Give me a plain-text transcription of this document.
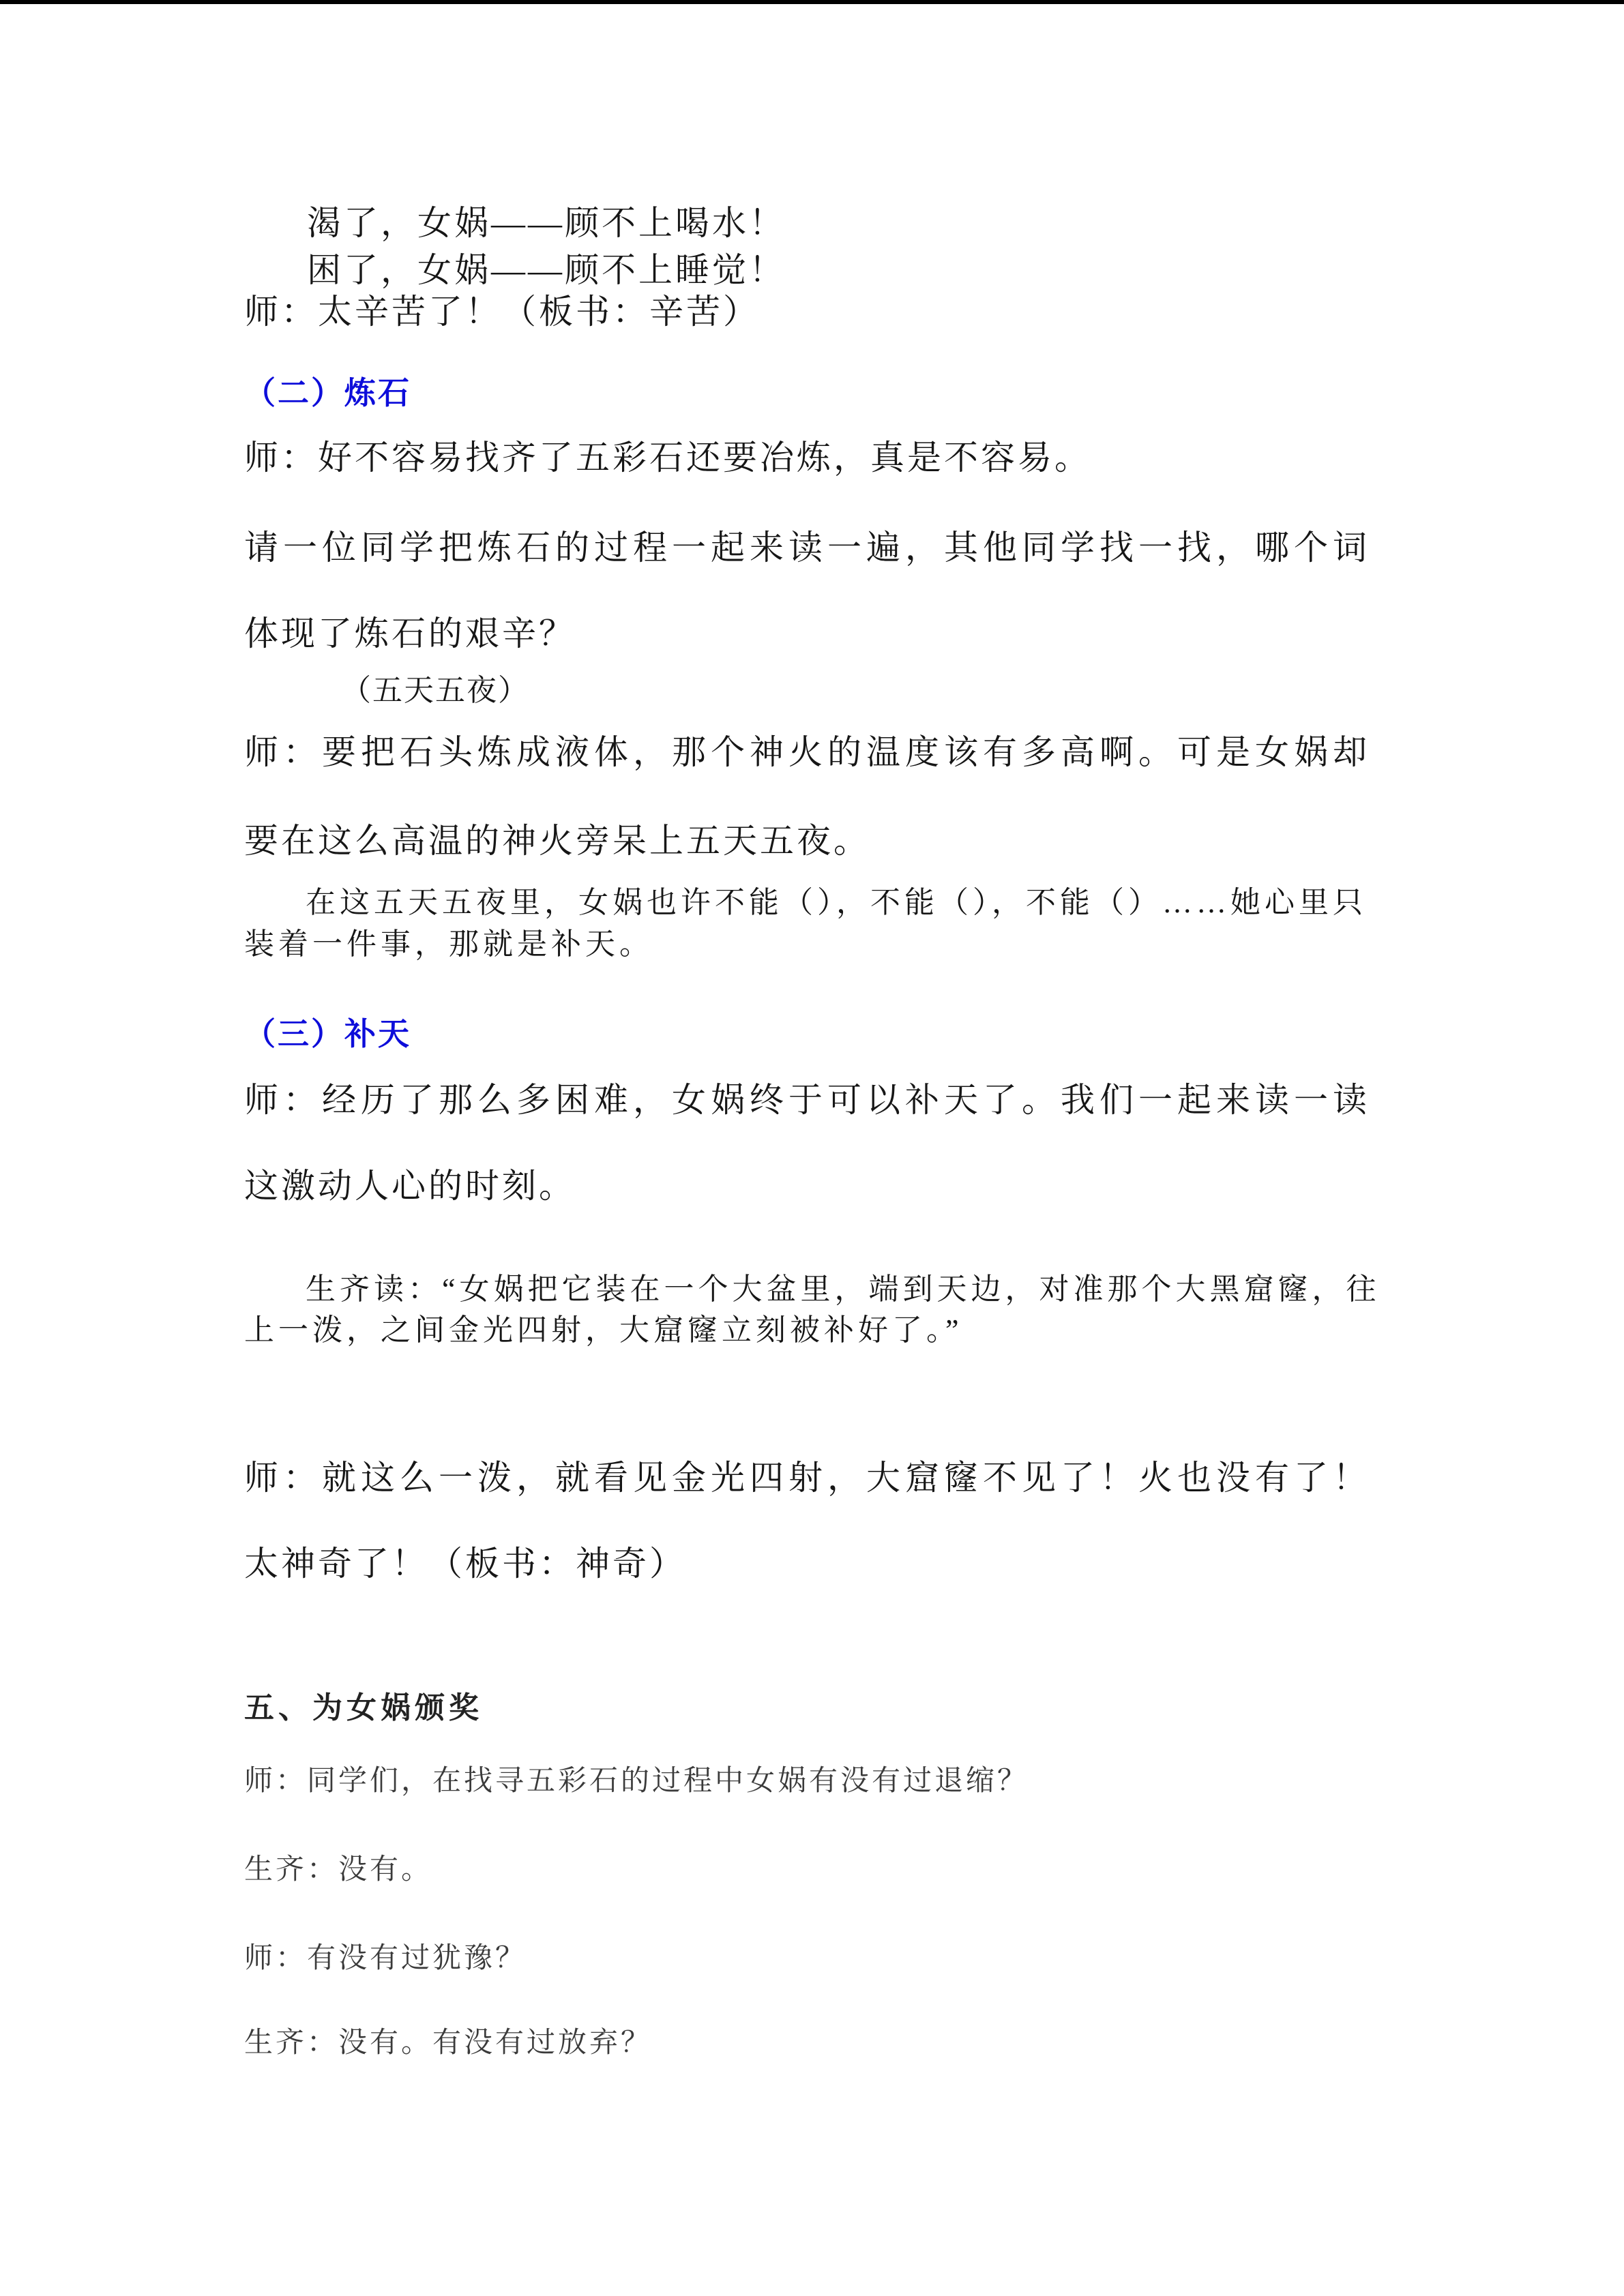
渴了，女娲——顾不上喝水！
困了，女娲——顾不上睡觉！
师：太辛苦了！（板书：辛苦）
（二）炼石
师：好不容易找齐了五彩石还要冶炼，真是不容易。
请一位同学把炼石的过程一起来读一遍，其他同学找一找，哪个词
体现了炼石的艰辛？
（五天五夜）
师：要把石头炼成液体，那个神火的温度该有多高啊。可是女娲却
要在这么高温的神火旁呆上五天五夜。
在这五天五夜里，女娲也许不能（），不能（），不能（）……她心里只
装着一件事，那就是补天。
（三）补天
师：经历了那么多困难，女娲终于可以补天了。我们一起来读一读
这激动人心的时刻。
生齐读：“女娲把它装在一个大盆里，端到天边，对准那个大黑窟窿，往
上一泼，之间金光四射，大窟窿立刻被补好了。”
师：就这么一泼，就看见金光四射，大窟窿不见了！火也没有了！
太神奇了！（板书：神奇）
五、为女娲颁奖
师：同学们，在找寻五彩石的过程中女娲有没有过退缩？
生齐：没有。
师：有没有过犹豫？
生齐：没有。有没有过放弃？
